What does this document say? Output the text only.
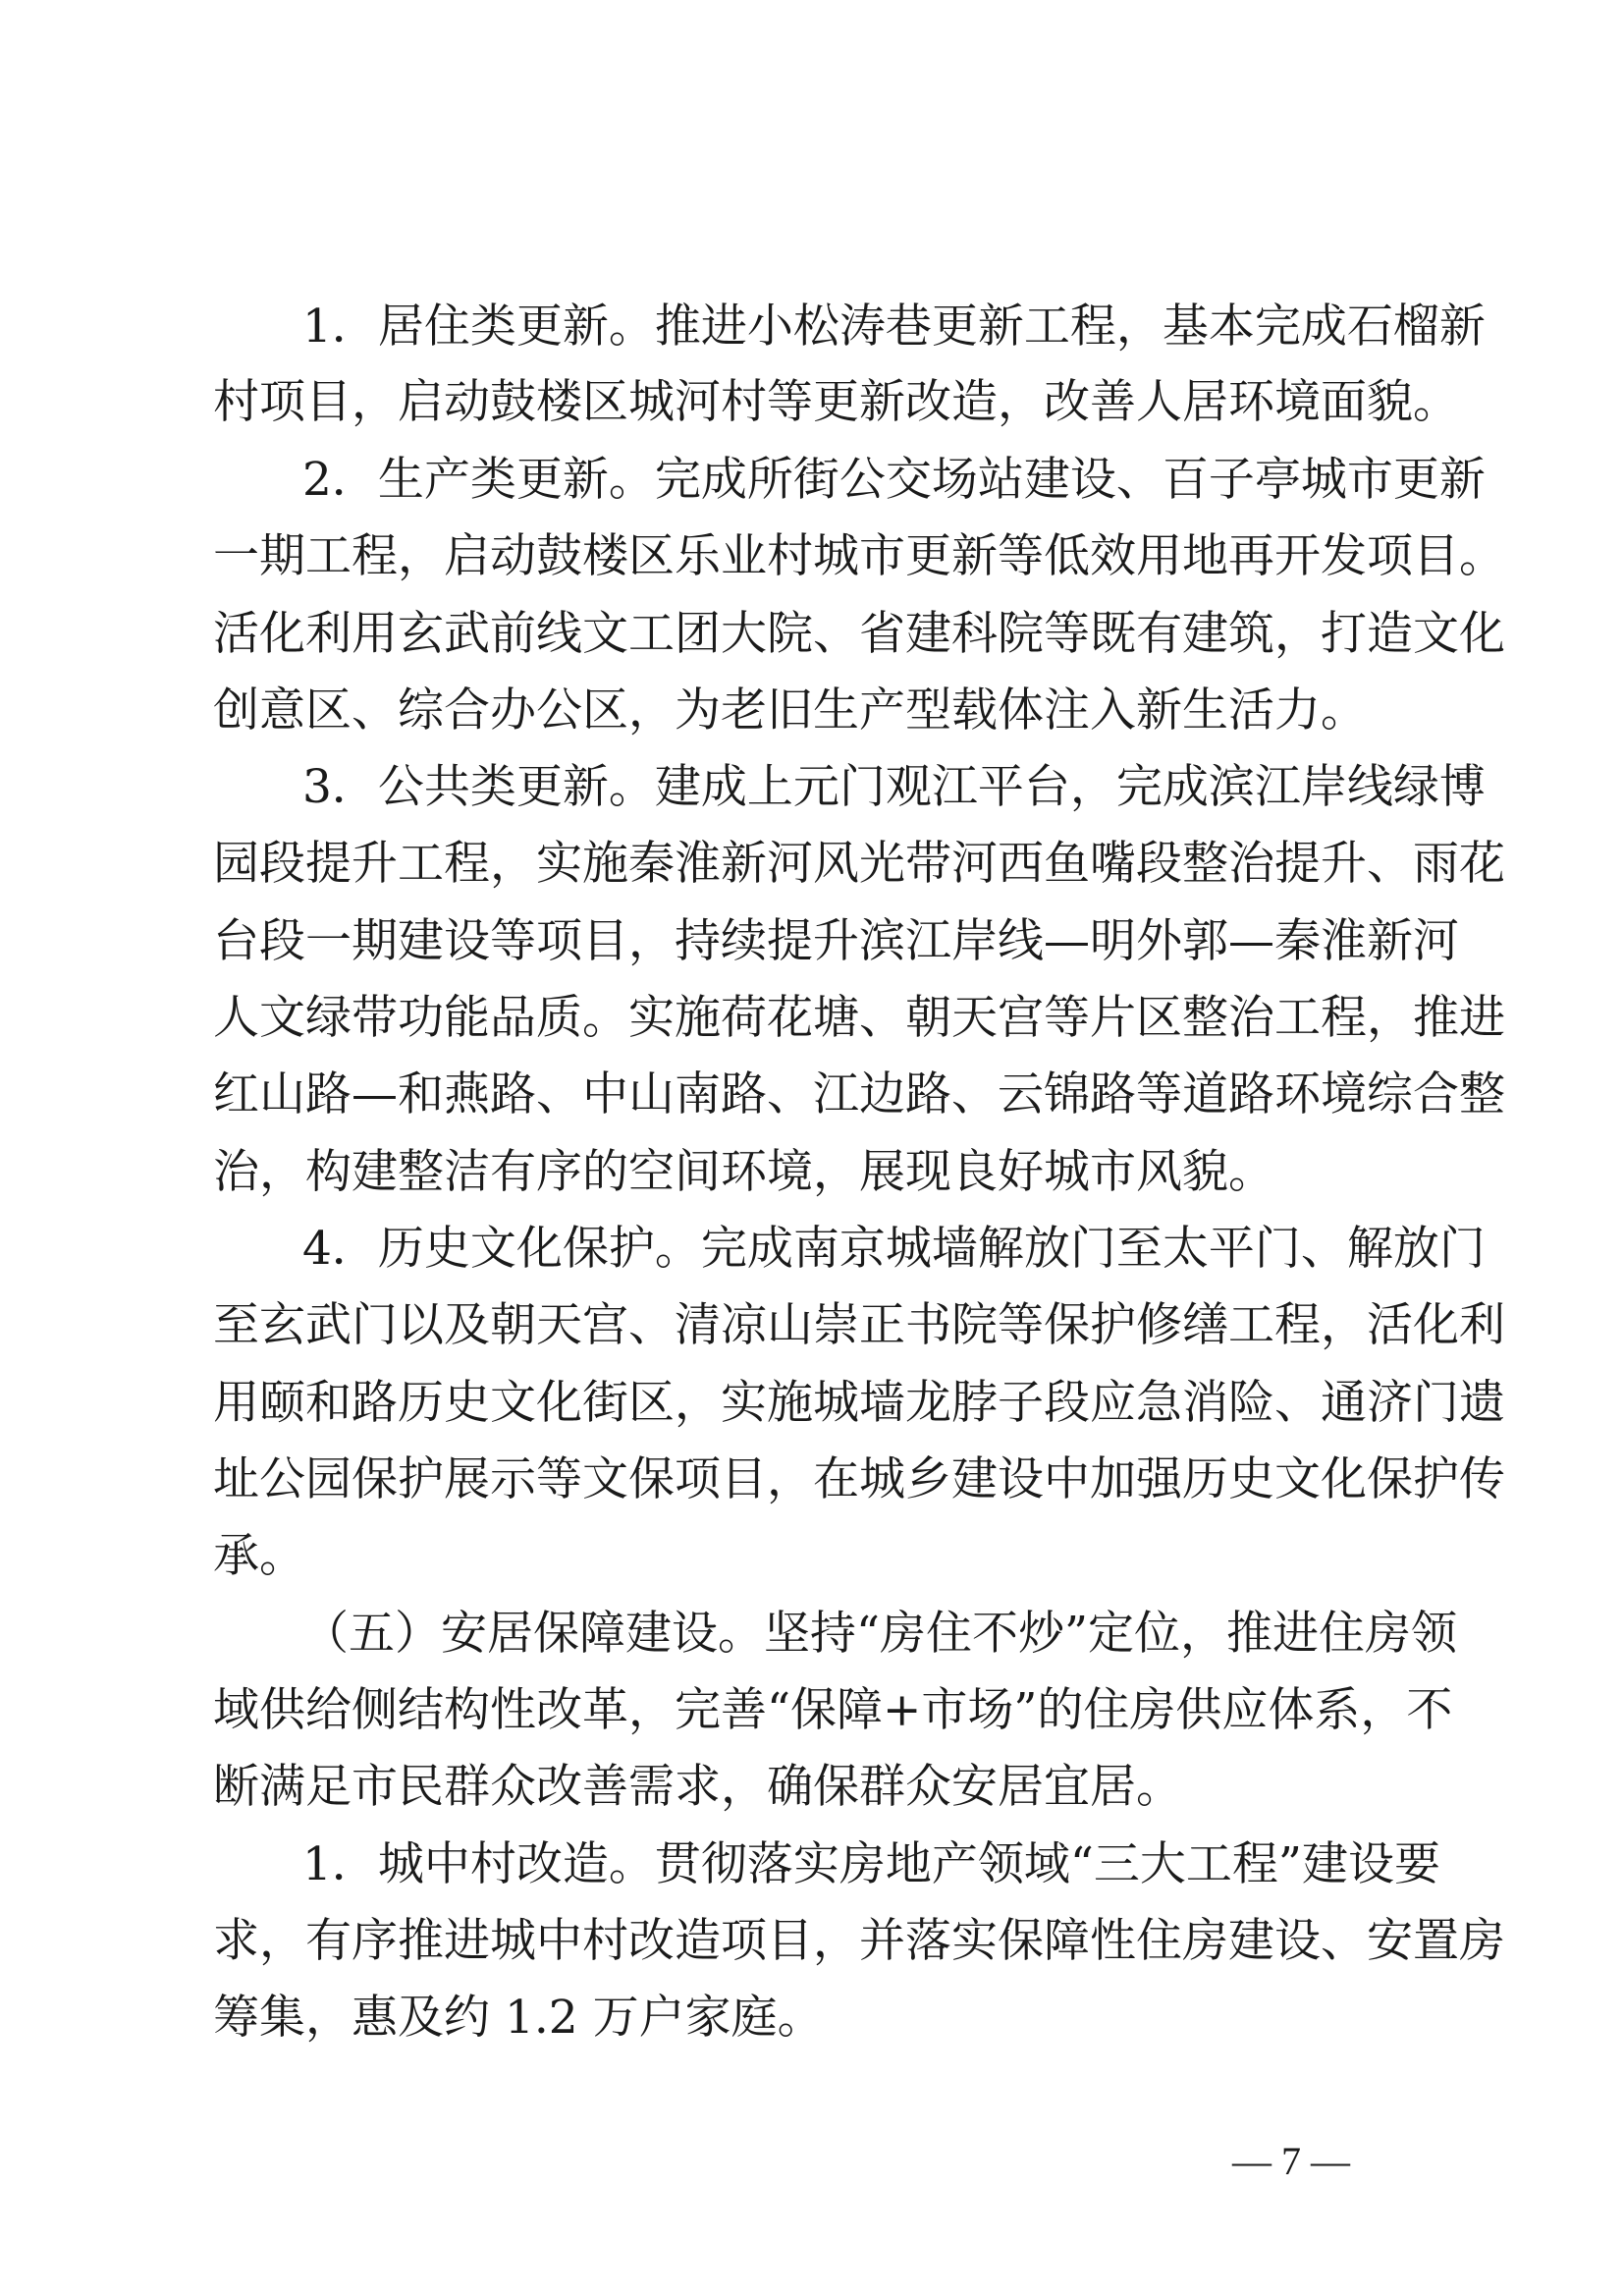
1．居住类更新。推进小松涛巷更新工程，基本完成石榴新
村项目，启动鼓楼区城河村等更新改造，改善人居环境面貌。
2．生产类更新。完成所街公交场站建设、百子亭城市更新
一期工程，启动鼓楼区乐业村城市更新等低效用地再开发项目。
活化利用玄武前线文工团大院、省建科院等既有建筑，打造文化
创意区、综合办公区，为老旧生产型载体注入新生活力。
3．公共类更新。建成上元门观江平台，完成滨江岸线绿博
园段提升工程，实施秦淮新河风光带河西鱼嘴段整治提升、雨花
台段一期建设等项目，持续提升滨江岸线—明外郭—秦淮新河
人文绿带功能品质。实施荷花塘、朝天宫等片区整治工程，推进
红山路—和燕路、中山南路、江边路、云锦路等道路环境综合整
治，构建整洁有序的空间环境，展现良好城市风貌。
4．历史文化保护。完成南京城墙解放门至太平门、解放门
至玄武门以及朝天宫、清凉山崇正书院等保护修缮工程，活化利
用颐和路历史文化街区，实施城墙龙脖子段应急消险、通济门遗
址公园保护展示等文保项目，在城乡建设中加强历史文化保护传
承。
（五）安居保障建设。坚持“房住不炒”定位，推进住房领
域供给侧结构性改革，完善“保障+市场”的住房供应体系，不
断满足市民群众改善需求，确保群众安居宜居。
1．城中村改造。贯彻落实房地产领域“三大工程”建设要
求，有序推进城中村改造项目，并落实保障性住房建设、安置房
筹集，惠及约 1.2 万户家庭。
— 7 —
